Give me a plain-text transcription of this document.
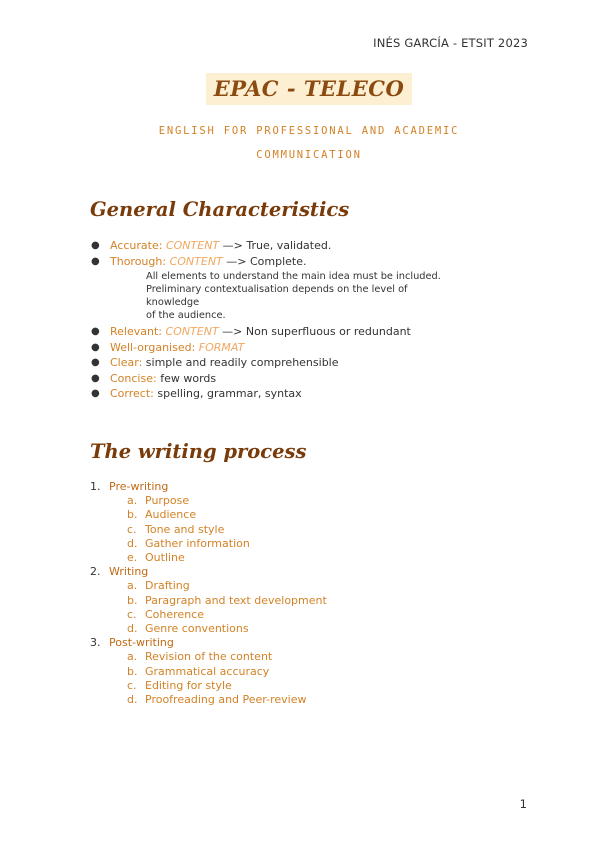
INÉS GARCÍA - ETSIT 2023
EPAC - TELECO
ENGLISH FOR PROFESSIONAL AND ACADEMIC
COMMUNICATION
General Characteristics
● Accurate: CONTENT —> True, validated.
● Thorough: CONTENT —> Complete.
All elements to understand the main idea must be included.
Preliminary contextualisation depends on the level of knowledge
of the audience.
● Relevant: CONTENT —> Non superfluous or redundant
● Well-organised: FORMAT
● Clear: simple and readily comprehensible
● Concise: few words
● Correct: spelling, grammar, syntax
The writing process
1. Pre-writing
a. Purpose
b. Audience
c. Tone and style
d. Gather information
e. Outline
2. Writing
a. Drafting
b. Paragraph and text development
c. Coherence
d. Genre conventions
3. Post-writing
a. Revision of the content
b. Grammatical accuracy
c. Editing for style
d. Proofreading and Peer-review
1
